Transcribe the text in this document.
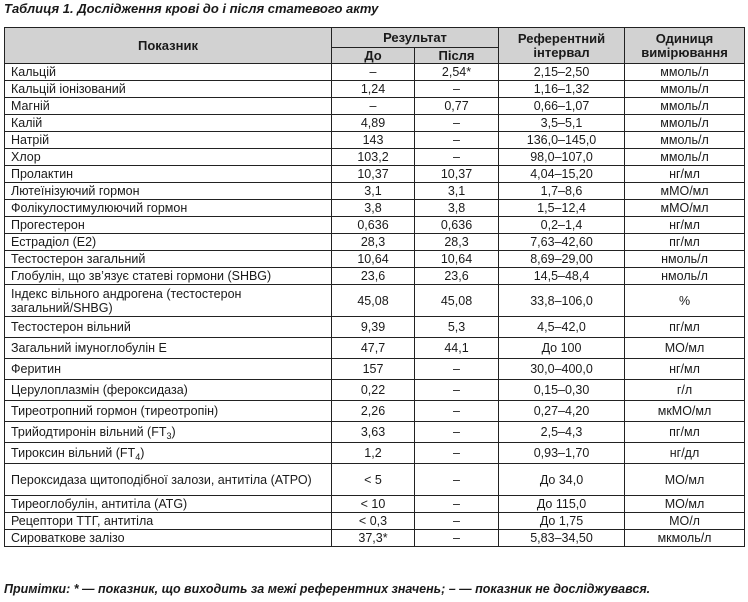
Таблиця 1. Дослідження крові до і після статевого акту
Показник	Результат		Референтний інтервал	Одиниця вимірювання
	До	Після		
Кальцій	–	2,54*	2,15–2,50	ммоль/л
Кальцій іонізований	1,24	–	1,16–1,32	ммоль/л
Магній	–	0,77	0,66–1,07	ммоль/л
Калій	4,89	–	3,5–5,1	ммоль/л
Натрій	143	–	136,0–145,0	ммоль/л
Хлор	103,2	–	98,0–107,0	ммоль/л
Пролактин	10,37	10,37	4,04–15,20	нг/мл
Лютеїнізуючий гормон	3,1	3,1	1,7–8,6	мМО/мл
Фолікулостимулюючий гормон	3,8	3,8	1,5–12,4	мМО/мл
Прогестерон	0,636	0,636	0,2–1,4	нг/мл
Естрадіол (Е2)	28,3	28,3	7,63–42,60	пг/мл
Тестостерон загальний	10,64	10,64	8,69–29,00	нмоль/л
Глобулін, що зв’язує статеві гормони (SHBG)	23,6	23,6	14,5–48,4	нмоль/л
Індекс вільного андрогена (тестостерон загальний/SHBG)	45,08	45,08	33,8–106,0	%
Тестостерон вільний	9,39	5,3	4,5–42,0	пг/мл
Загальний імуноглобулін Е	47,7	44,1	До 100	МО/мл
Феритин	157	–	30,0–400,0	нг/мл
Церулоплазмін (фероксидаза)	0,22	–	0,15–0,30	г/л
Тиреотропний гормон (тиреотропін)	2,26	–	0,27–4,20	мкМО/мл
Трийодтиронін вільний $(FT_3)$	3,63	–	2,5–4,3	пг/мл
Тироксин вільний $(FT_4)$	1,2	–	0,93–1,70	нг/дл
Пероксидаза щитоподібної залози, антитіла (АТРО)	< 5	–	До 34,0	МО/мл
Тиреоглобулін, антитіла (АТG)	< 10	–	До 115,0	МО/мл
Рецептори ТТГ, антитіла	< 0,3	–	До 1,75	МО/л
Сироваткове залізо	37,3*	–	5,83–34,50	мкмоль/л
Примітки: * — показник, що виходить за межі референтних значень; – — показник не досліджувався.
